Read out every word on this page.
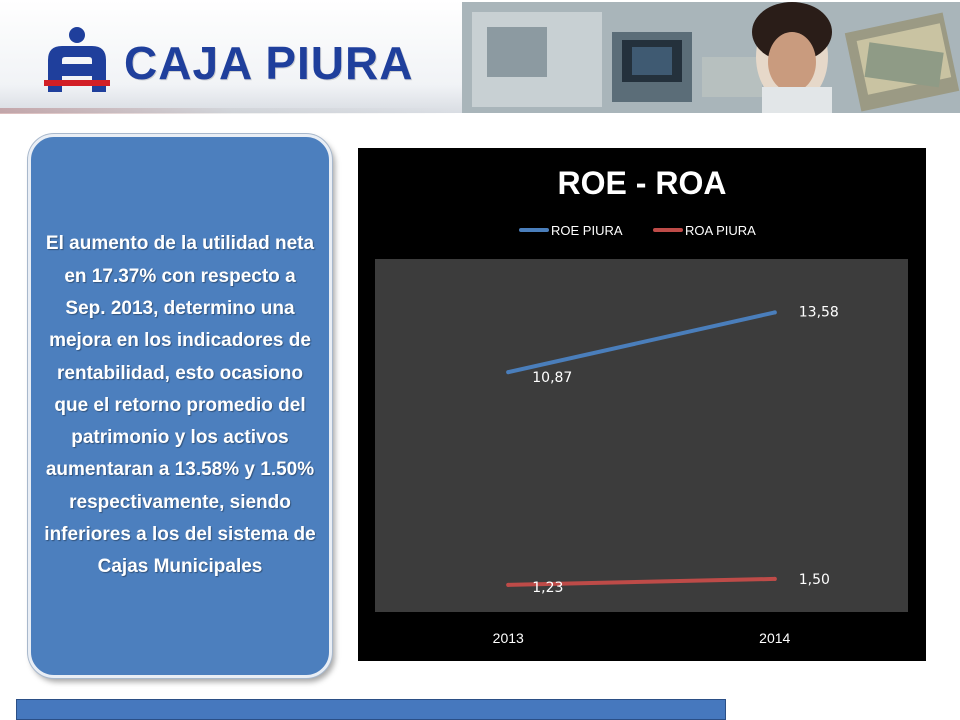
CAJA PIURA

El aumento de la utilidad neta en 17.37% con respecto a Sep. 2013, determino una mejora en los indicadores de rentabilidad, esto ocasiono que el retorno promedio del patrimonio y los activos aumentaran a 13.58% y 1.50% respectivamente, siendo inferiores a los del sistema de Cajas Municipales

ROE - ROA
ROE PIURA	ROA PIURA
10,87
13,58
1,23	1,50
2013	2014
